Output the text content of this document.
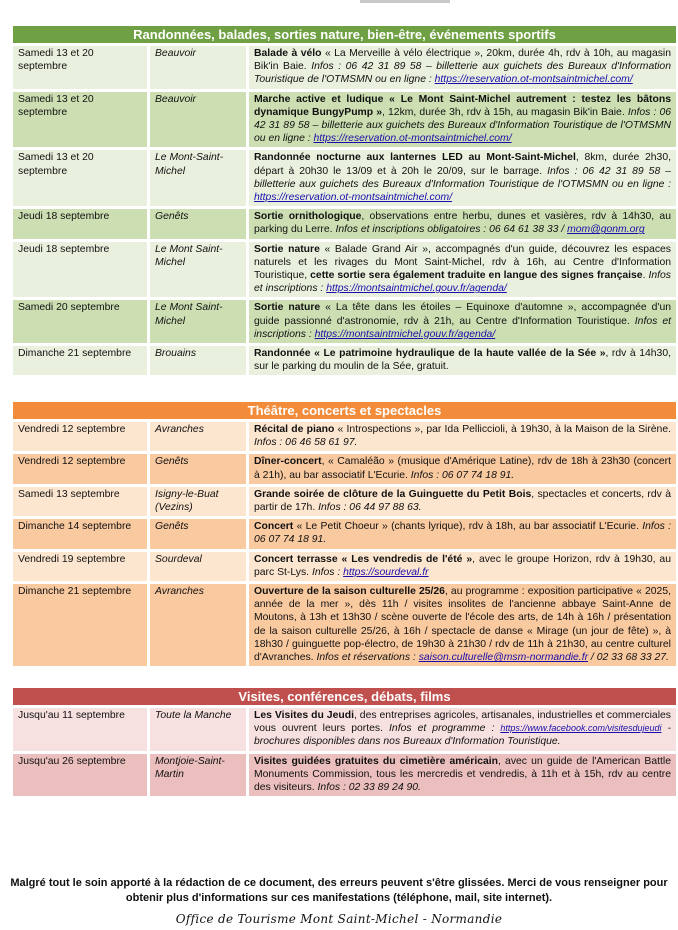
Randonnées, balades, sorties nature, bien-être, événements sportifs
Samedi 13 et 20 septembre	Beauvoir	Balade à vélo « La Merveille à vélo électrique », 20km, durée 4h, rdv à 10h, au magasin Bik'in Baie. Infos : 06 42 31 89 58 – billetterie aux guichets des Bureaux d'Information Touristique de l'OTMSMN ou en ligne : https://reservation.ot-montsaintmichel.com/
Samedi 13 et 20 septembre	Beauvoir	Marche active et ludique « Le Mont Saint-Michel autrement : testez les bâtons dynamique BungyPump », 12km, durée 3h, rdv à 15h, au magasin Bik'in Baie. Infos : 06 42 31 89 58 – billetterie aux guichets des Bureaux d'Information Touristique de l'OTMSMN ou en ligne : https://reservation.ot-montsaintmichel.com/
Samedi 13 et 20 septembre	Le Mont-Saint-Michel	Randonnée nocturne aux lanternes LED au Mont-Saint-Michel, 8km, durée 2h30, départ à 20h30 le 13/09 et à 20h le 20/09, sur le barrage. Infos : 06 42 31 89 58 – billetterie aux guichets des Bureaux d'Information Touristique de l'OTMSMN ou en ligne : https://reservation.ot-montsaintmichel.com/
Jeudi 18 septembre	Genêts	Sortie ornithologique, observations entre herbu, dunes et vasières, rdv à 14h30, au parking du Lerre. Infos et inscriptions obligatoires : 06 64 61 38 33 / mom@gonm.org
Jeudi 18 septembre	Le Mont Saint-Michel	Sortie nature « Balade Grand Air », accompagnés d'un guide, découvrez les espaces naturels et les rivages du Mont Saint-Michel, rdv à 16h, au Centre d'Information Touristique, cette sortie sera également traduite en langue des signes française. Infos et inscriptions : https://montsaintmichel.gouv.fr/agenda/
Samedi 20 septembre	Le Mont Saint-Michel	Sortie nature « La tête dans les étoiles – Equinoxe d'automne », accompagnée d'un guide passionné d'astronomie, rdv à 21h, au Centre d'Information Touristique. Infos et inscriptions : https://montsaintmichel.gouv.fr/agenda/
Dimanche 21 septembre	Brouains	Randonnée « Le patrimoine hydraulique de la haute vallée de la Sée », rdv à 14h30, sur le parking du moulin de la Sée, gratuit.
Théâtre, concerts et spectacles
Vendredi 12 septembre	Avranches	Récital de piano « Introspections », par Ida Pelliccioli, à 19h30, à la Maison de la Sirène. Infos : 06 46 58 61 97.
Vendredi 12 septembre	Genêts	Dîner-concert, « Camaléão » (musique d'Amérique Latine), rdv de 18h à 23h30 (concert à 21h), au bar associatif L'Ecurie. Infos : 06 07 74 18 91.
Samedi 13 septembre	Isigny-le-Buat (Vezins)	Grande soirée de clôture de la Guinguette du Petit Bois, spectacles et concerts, rdv à partir de 17h. Infos : 06 44 97 88 63.
Dimanche 14 septembre	Genêts	Concert « Le Petit Choeur » (chants lyrique), rdv à 18h, au bar associatif L'Ecurie. Infos : 06 07 74 18 91.
Vendredi 19 septembre	Sourdeval	Concert terrasse « Les vendredis de l'été », avec le groupe Horizon, rdv à 19h30, au parc St-Lys. Infos : https://sourdeval.fr
Dimanche 21 septembre	Avranches	Ouverture de la saison culturelle 25/26, au programme : exposition participative « 2025, année de la mer », dès 11h / visites insolites de l'ancienne abbaye Saint-Anne de Moutons, à 13h et 13h30 / scène ouverte de l'école des arts, de 14h à 16h / présentation de la saison culturelle 25/26, à 16h / spectacle de danse « Mirage (un jour de fête) », à 18h30 / guinguette pop-électro, de 19h30 à 21h30 / rdv de 11h à 21h30, au centre culturel d'Avranches. Infos et réservations : saison.culturelle@msm-normandie.fr / 02 33 68 33 27.
Visites, conférences, débats, films
Jusqu'au 11 septembre	Toute la Manche	Les Visites du Jeudi, des entreprises agricoles, artisanales, industrielles et commerciales vous ouvrent leurs portes. Infos et programme : https://www.facebook.com/visitesdujeudi - brochures disponibles dans nos Bureaux d'Information Touristique.
Jusqu'au 26 septembre	Montjoie-Saint-Martin	Visites guidées gratuites du cimetière américain, avec un guide de l'American Battle Monuments Commission, tous les mercredis et vendredis, à 11h et à 15h, rdv au centre des visiteurs. Infos : 02 33 89 24 90.
Malgré tout le soin apporté à la rédaction de ce document, des erreurs peuvent s'être glissées. Merci de vous renseigner pour obtenir plus d'informations sur ces manifestations (téléphone, mail, site internet).
Office de Tourisme Mont Saint-Michel - Normandie
